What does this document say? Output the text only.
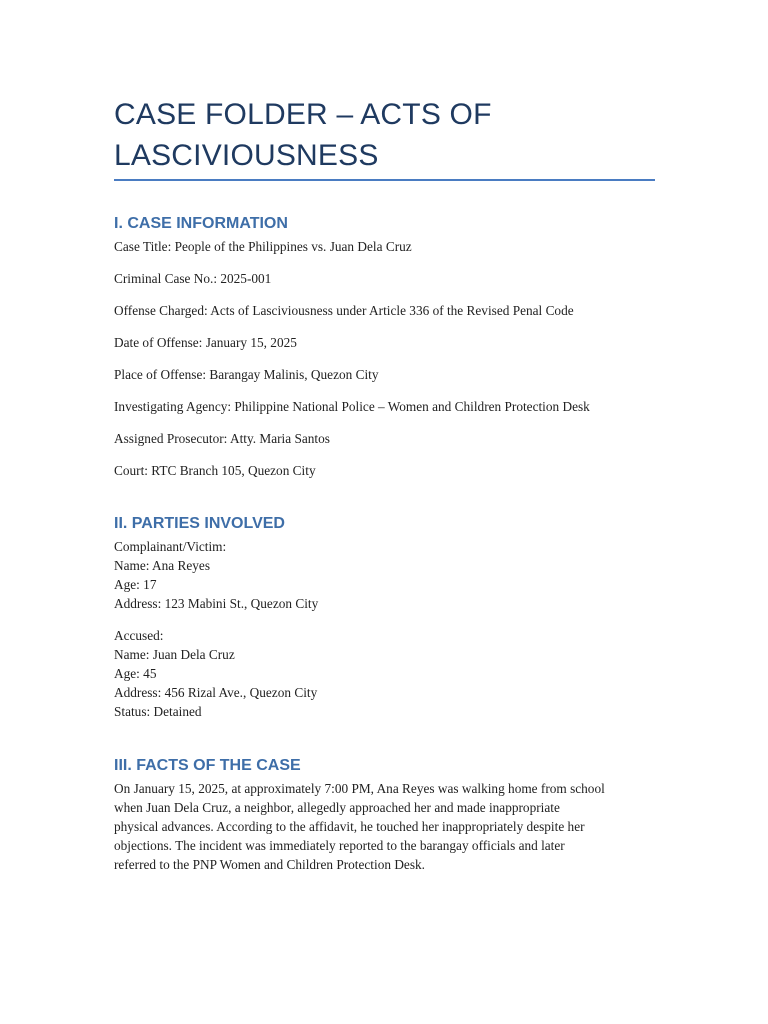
CASE FOLDER – ACTS OF
LASCIVIOUSNESS
I. CASE INFORMATION
Case Title: People of the Philippines vs. Juan Dela Cruz
Criminal Case No.: 2025-001
Offense Charged: Acts of Lasciviousness under Article 336 of the Revised Penal Code
Date of Offense: January 15, 2025
Place of Offense: Barangay Malinis, Quezon City
Investigating Agency: Philippine National Police – Women and Children Protection Desk
Assigned Prosecutor: Atty. Maria Santos
Court: RTC Branch 105, Quezon City
II. PARTIES INVOLVED
Complainant/Victim:
Name: Ana Reyes
Age: 17
Address: 123 Mabini St., Quezon City
Accused:
Name: Juan Dela Cruz
Age: 45
Address: 456 Rizal Ave., Quezon City
Status: Detained
III. FACTS OF THE CASE
On January 15, 2025, at approximately 7:00 PM, Ana Reyes was walking home from school
when Juan Dela Cruz, a neighbor, allegedly approached her and made inappropriate
physical advances. According to the affidavit, he touched her inappropriately despite her
objections. The incident was immediately reported to the barangay officials and later
referred to the PNP Women and Children Protection Desk.
